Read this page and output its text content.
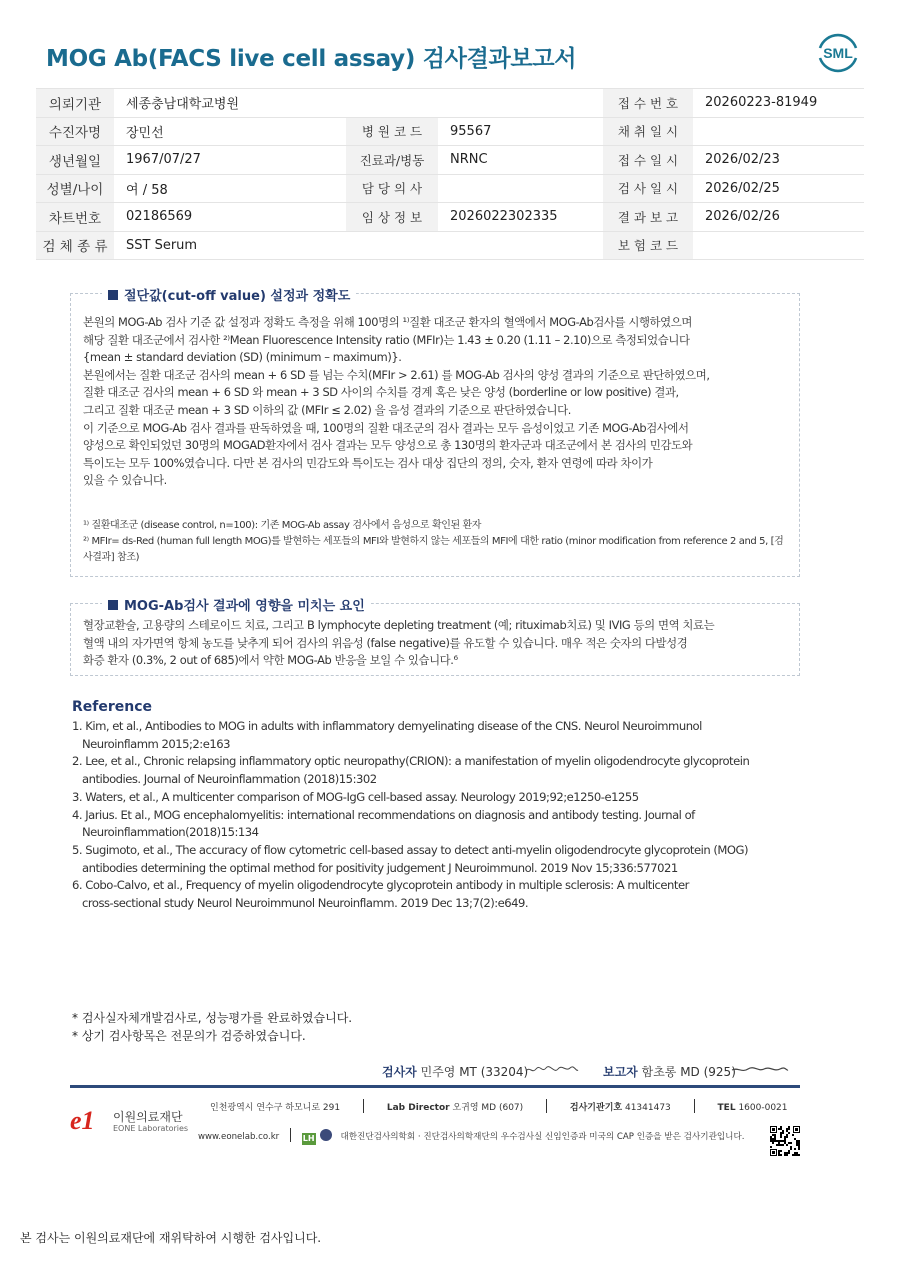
MOG Ab(FACS live cell assay) 검사결과보고서	SML
의뢰기관	세종충남대학교병원			접 수 번 호	20260223-81949
수진자명	장민선	병 원 코 드	95567	채 취 일 시	
생년월일	1967/07/27	진료과/병동	NRNC	접 수 일 시	2026/02/23
성별/나이	여 / 58	담 당 의 사		검 사 일 시	2026/02/25
차트번호	02186569	임 상 정 보	2026022302335	결 과 보 고	2026/02/26
검 체 종 류	SST Serum			보 험 코 드	
절단값(cut-off value) 설정과 정확도

본원의 MOG-Ab 검사 기준 값 설정과 정확도 측정을 위해 100명의 ¹⁾질환 대조군 환자의 혈액에서 MOG-Ab검사를 시행하였으며

해당 질환 대조군에서 검사한 ²⁾Mean Fluorescence Intensity ratio (MFIr)는 1.43 ± 0.20 (1.11 – 2.10)으로 측정되었습니다

{mean ± standard deviation (SD) (minimum – maximum)}.

본원에서는 질환 대조군 검사의 mean + 6 SD 를 넘는 수치(MFIr > 2.61) 를 MOG-Ab 검사의 양성 결과의 기준으로 판단하였으며,

질환 대조군 검사의 mean + 6 SD 와 mean + 3 SD 사이의 수치를 경계 혹은 낮은 양성 (borderline or low positive) 결과,

그리고 질환 대조군 mean + 3 SD 이하의 값 (MFIr ≤ 2.02) 을 음성 결과의 기준으로 판단하였습니다.

이 기준으로 MOG-Ab 검사 결과를 판독하였을 때, 100명의 질환 대조군의 검사 결과는 모두 음성이었고 기존 MOG-Ab검사에서

양성으로 확인되었던 30명의 MOGAD환자에서 검사 결과는 모두 양성으로 총 130명의 환자군과 대조군에서 본 검사의 민감도와

특이도는 모두 100%였습니다. 다만 본 검사의 민감도와 특이도는 검사 대상 집단의 정의, 숫자, 환자 연령에 따라 차이가

있을 수 있습니다.

¹⁾ 질환대조군 (disease control, n=100): 기존 MOG-Ab assay 검사에서 음성으로 확인된 환자

²⁾ MFIr= ds-Red (human full length MOG)를 발현하는 세포들의 MFI와 발현하지 않는 세포들의 MFI에 대한 ratio (minor modification from reference 2 and 5, [검

사결과] 참조)

MOG-Ab검사 결과에 영향을 미치는 요인

혈장교환술, 고용량의 스테로이드 치료, 그리고 B lymphocyte depleting treatment (예; rituximab치료) 및 IVIG 등의 면역 치료는

혈액 내의 자가면역 항체 농도를 낮추게 되어 검사의 위음성 (false negative)를 유도할 수 있습니다. 매우 적은 숫자의 다발성경

화증 환자 (0.3%, 2 out of 685)에서 약한 MOG-Ab 반응을 보일 수 있습니다.⁶

Reference

1. Kim, et al., Antibodies to MOG in adults with inflammatory demyelinating disease of the CNS. Neurol Neuroimmunol

Neuroinflamm 2015;2:e163

2. Lee, et al., Chronic relapsing inflammatory optic neuropathy(CRION): a manifestation of myelin oligodendrocyte glycoprotein

antibodies. Journal of Neuroinflammation (2018)15:302

3. Waters, et al., A multicenter comparison of MOG-IgG cell-based assay. Neurology 2019;92;e1250-e1255

4. Jarius. Et al., MOG encephalomyelitis: international recommendations on diagnosis and antibody testing. Journal of

Neuroinflammation(2018)15:134

5. Sugimoto, et al., The accuracy of flow cytometric cell-based assay to detect anti-myelin oligodendrocyte glycoprotein (MOG)

antibodies determining the optimal method for positivity judgement J Neuroimmunol. 2019 Nov 15;336:577021

6. Cobo-Calvo, et al., Frequency of myelin oligodendrocyte glycoprotein antibody in multiple sclerosis: A multicenter

cross-sectional study Neurol Neuroimmunol Neuroinflamm. 2019 Dec 13;7(2):e649.

* 검사실자체개발검사로, 성능평가를 완료하였습니다.

* 상기 검사항목은 전문의가 검증하였습니다.

검사자 민주영 MT (33204)	보고자 함초롱 MD (925)
e1 이원의료재단
EONE Laboratories
인천광역시 연수구 하모니로 291	Lab Director 오귀영 MD (607)	검사기관기호 41341473	TEL 1600-0021
www.eonelab.co.kr	LH	대한진단검사의학회 · 진단검사의학재단의 우수검사실 신임인증과 미국의 CAP 인증을 받은 검사기관입니다.
본 검사는 이원의료재단에 재위탁하여 시행한 검사입니다.
